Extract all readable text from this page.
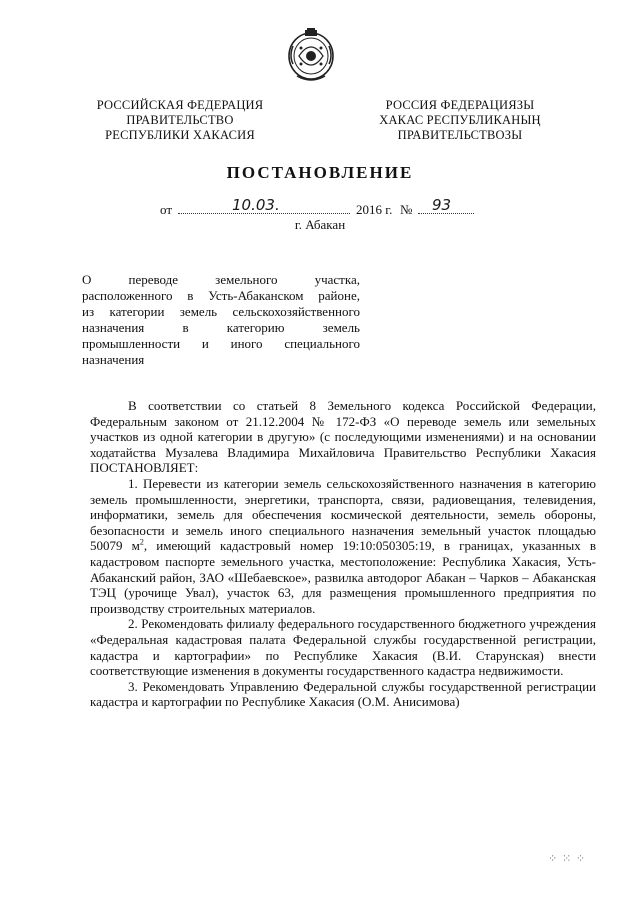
РОССИЙСКАЯ ФЕДЕРАЦИЯ
ПРАВИТЕЛЬСТВО
РЕСПУБЛИКИ ХАКАСИЯ
РОССИЯ ФЕДЕРАЦИЯЗЫ
ХАКАС РЕСПУБЛИКАНЫҢ
ПРАВИТЕЛЬСТВОЗЫ
ПОСТАНОВЛЕНИЕ
от	10.03.	2016 г. № 93
г. Абакан
О переводе земельного участка,
расположенного в Усть-Абаканском районе,
из категории земель сельскохозяйственного
назначения в категорию земель
промышленности и иного специального
назначения

В соответствии со статьей 8 Земельного кодекса Российской Федерации, Федеральным законом от 21.12.2004 № 172-ФЗ «О переводе земель или земельных участков из одной категории в другую» (с последующими изменениями) и на основании ходатайства Музалева Владимира Михайловича Правительство Республики Хакасия ПОСТАНОВЛЯЕТ:

1. Перевести из категории земель сельскохозяйственного назначения в категорию земель промышленности, энергетики, транспорта, связи, радиовещания, телевидения, информатики, земель для обеспечения космической деятельности, земель обороны, безопасности и земель иного специального назначения земельный участок площадью 50079 $м^2$, имеющий кадастровый номер 19:10:050305:19, в границах, указанных в кадастровом паспорте земельного участка, местоположение: Республика Хакасия, Усть-Абаканский район, ЗАО «Шебаевское», развилка автодорог Абакан – Чарков – Абаканская ТЭЦ (урочище Увал), участок 63, для размещения промышленного предприятия по производству строительных материалов.

2. Рекомендовать филиалу федерального государственного бюджетного учреждения «Федеральная кадастровая палата Федеральной службы государственной регистрации, кадастра и картографии» по Республике Хакасия (В.И. Старунская) внести соответствующие изменения в документы государственного кадастра недвижимости.

3. Рекомендовать Управлению Федеральной службы государственной регистрации кадастра и картографии по Республике Хакасия (О.М. Анисимова)

⁘ ⁙ ⁘
